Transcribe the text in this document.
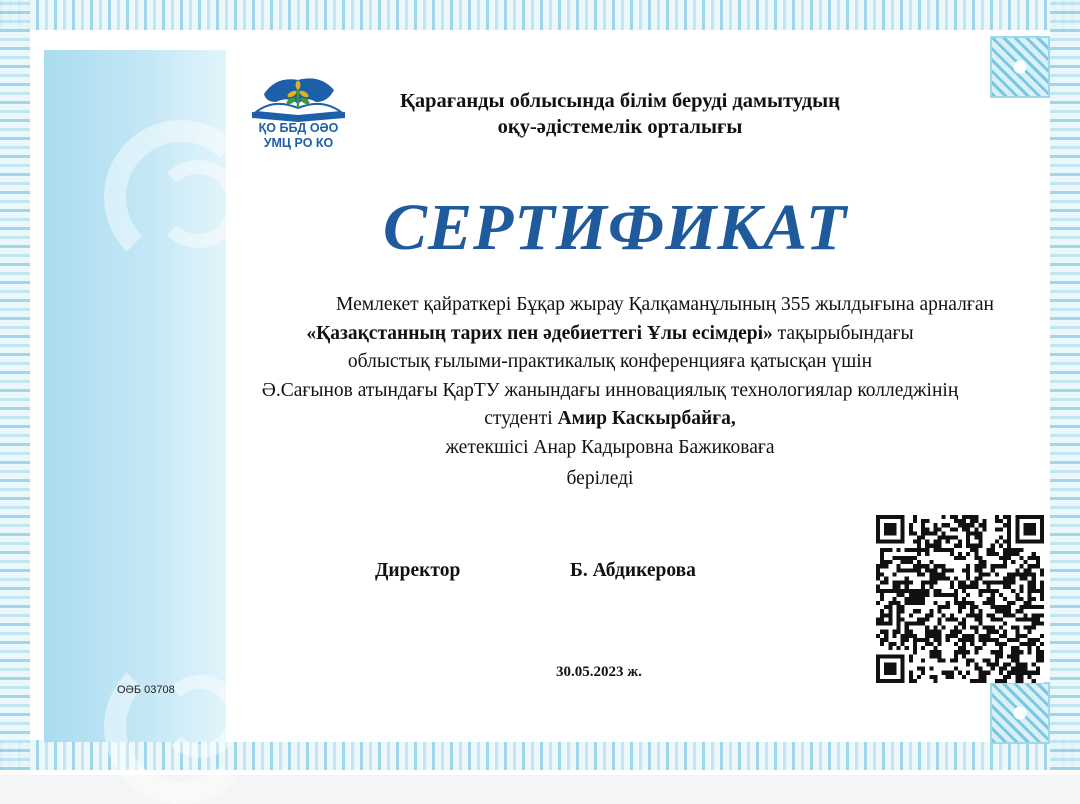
ҚО ББД ОӘО
УМЦ РО КО
Қарағанды облысында білім беруді дамытудың
оқу-әдістемелік орталығы
СЕРТИФИКАТ
Мемлекет қайраткері Бұқар жырау Қалқаманұлының 355 жылдығына арналған
«Қазақстанның тарих пен әдебиеттегі Ұлы есімдері» тақырыбындағы
облыстық ғылыми-практикалық конференцияға қатысқан үшін
Ә.Сағынов атындағы ҚарТУ жанындағы инновациялық технологиялар колледжінің
студенті Амир Каскырбайға,
жетекшісі Анар Кадыровна Бажиковаға
беріледі
Директор	Б. Абдикерова
30.05.2023 ж.
ОӘБ 03708
